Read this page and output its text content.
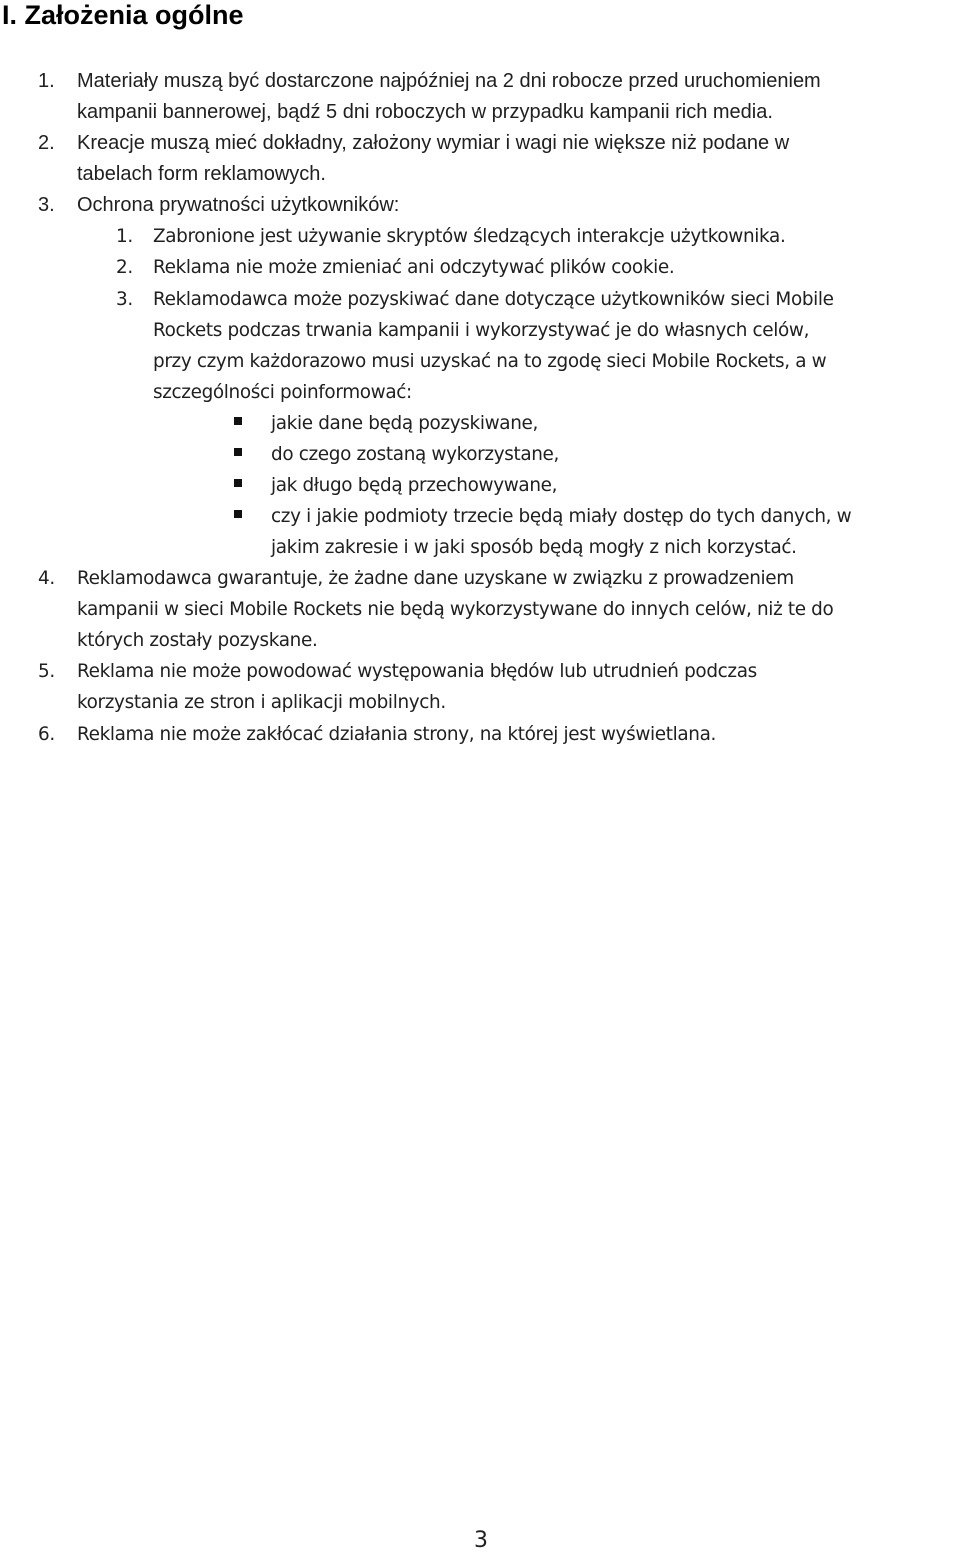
I. Założenia ogólne
1. Materiały muszą być dostarczone najpóźniej na 2 dni robocze przed uruchomieniem
kampanii bannerowej, bądź 5 dni roboczych w przypadku kampanii rich media.
2. Kreacje muszą mieć dokładny, założony wymiar i wagi nie większe niż podane w
tabelach form reklamowych.
3. Ochrona prywatności użytkowników:
1. Zabronione jest używanie skryptów śledzących interakcje użytkownika.
2. Reklama nie może zmieniać ani odczytywać plików cookie.
3. Reklamodawca może pozyskiwać dane dotyczące użytkowników sieci Mobile
Rockets podczas trwania kampanii i wykorzystywać je do własnych celów,
przy czym każdorazowo musi uzyskać na to zgodę sieci Mobile Rockets, a w
szczególności poinformować:
jakie dane będą pozyskiwane,
do czego zostaną wykorzystane,
jak długo będą przechowywane,
czy i jakie podmioty trzecie będą miały dostęp do tych danych, w
jakim zakresie i w jaki sposób będą mogły z nich korzystać.
4. Reklamodawca gwarantuje, że żadne dane uzyskane w związku z prowadzeniem
kampanii w sieci Mobile Rockets nie będą wykorzystywane do innych celów, niż te do
których zostały pozyskane.
5. Reklama nie może powodować występowania błędów lub utrudnień podczas
korzystania ze stron i aplikacji mobilnych.
6. Reklama nie może zakłócać działania strony, na której jest wyświetlana.
3
